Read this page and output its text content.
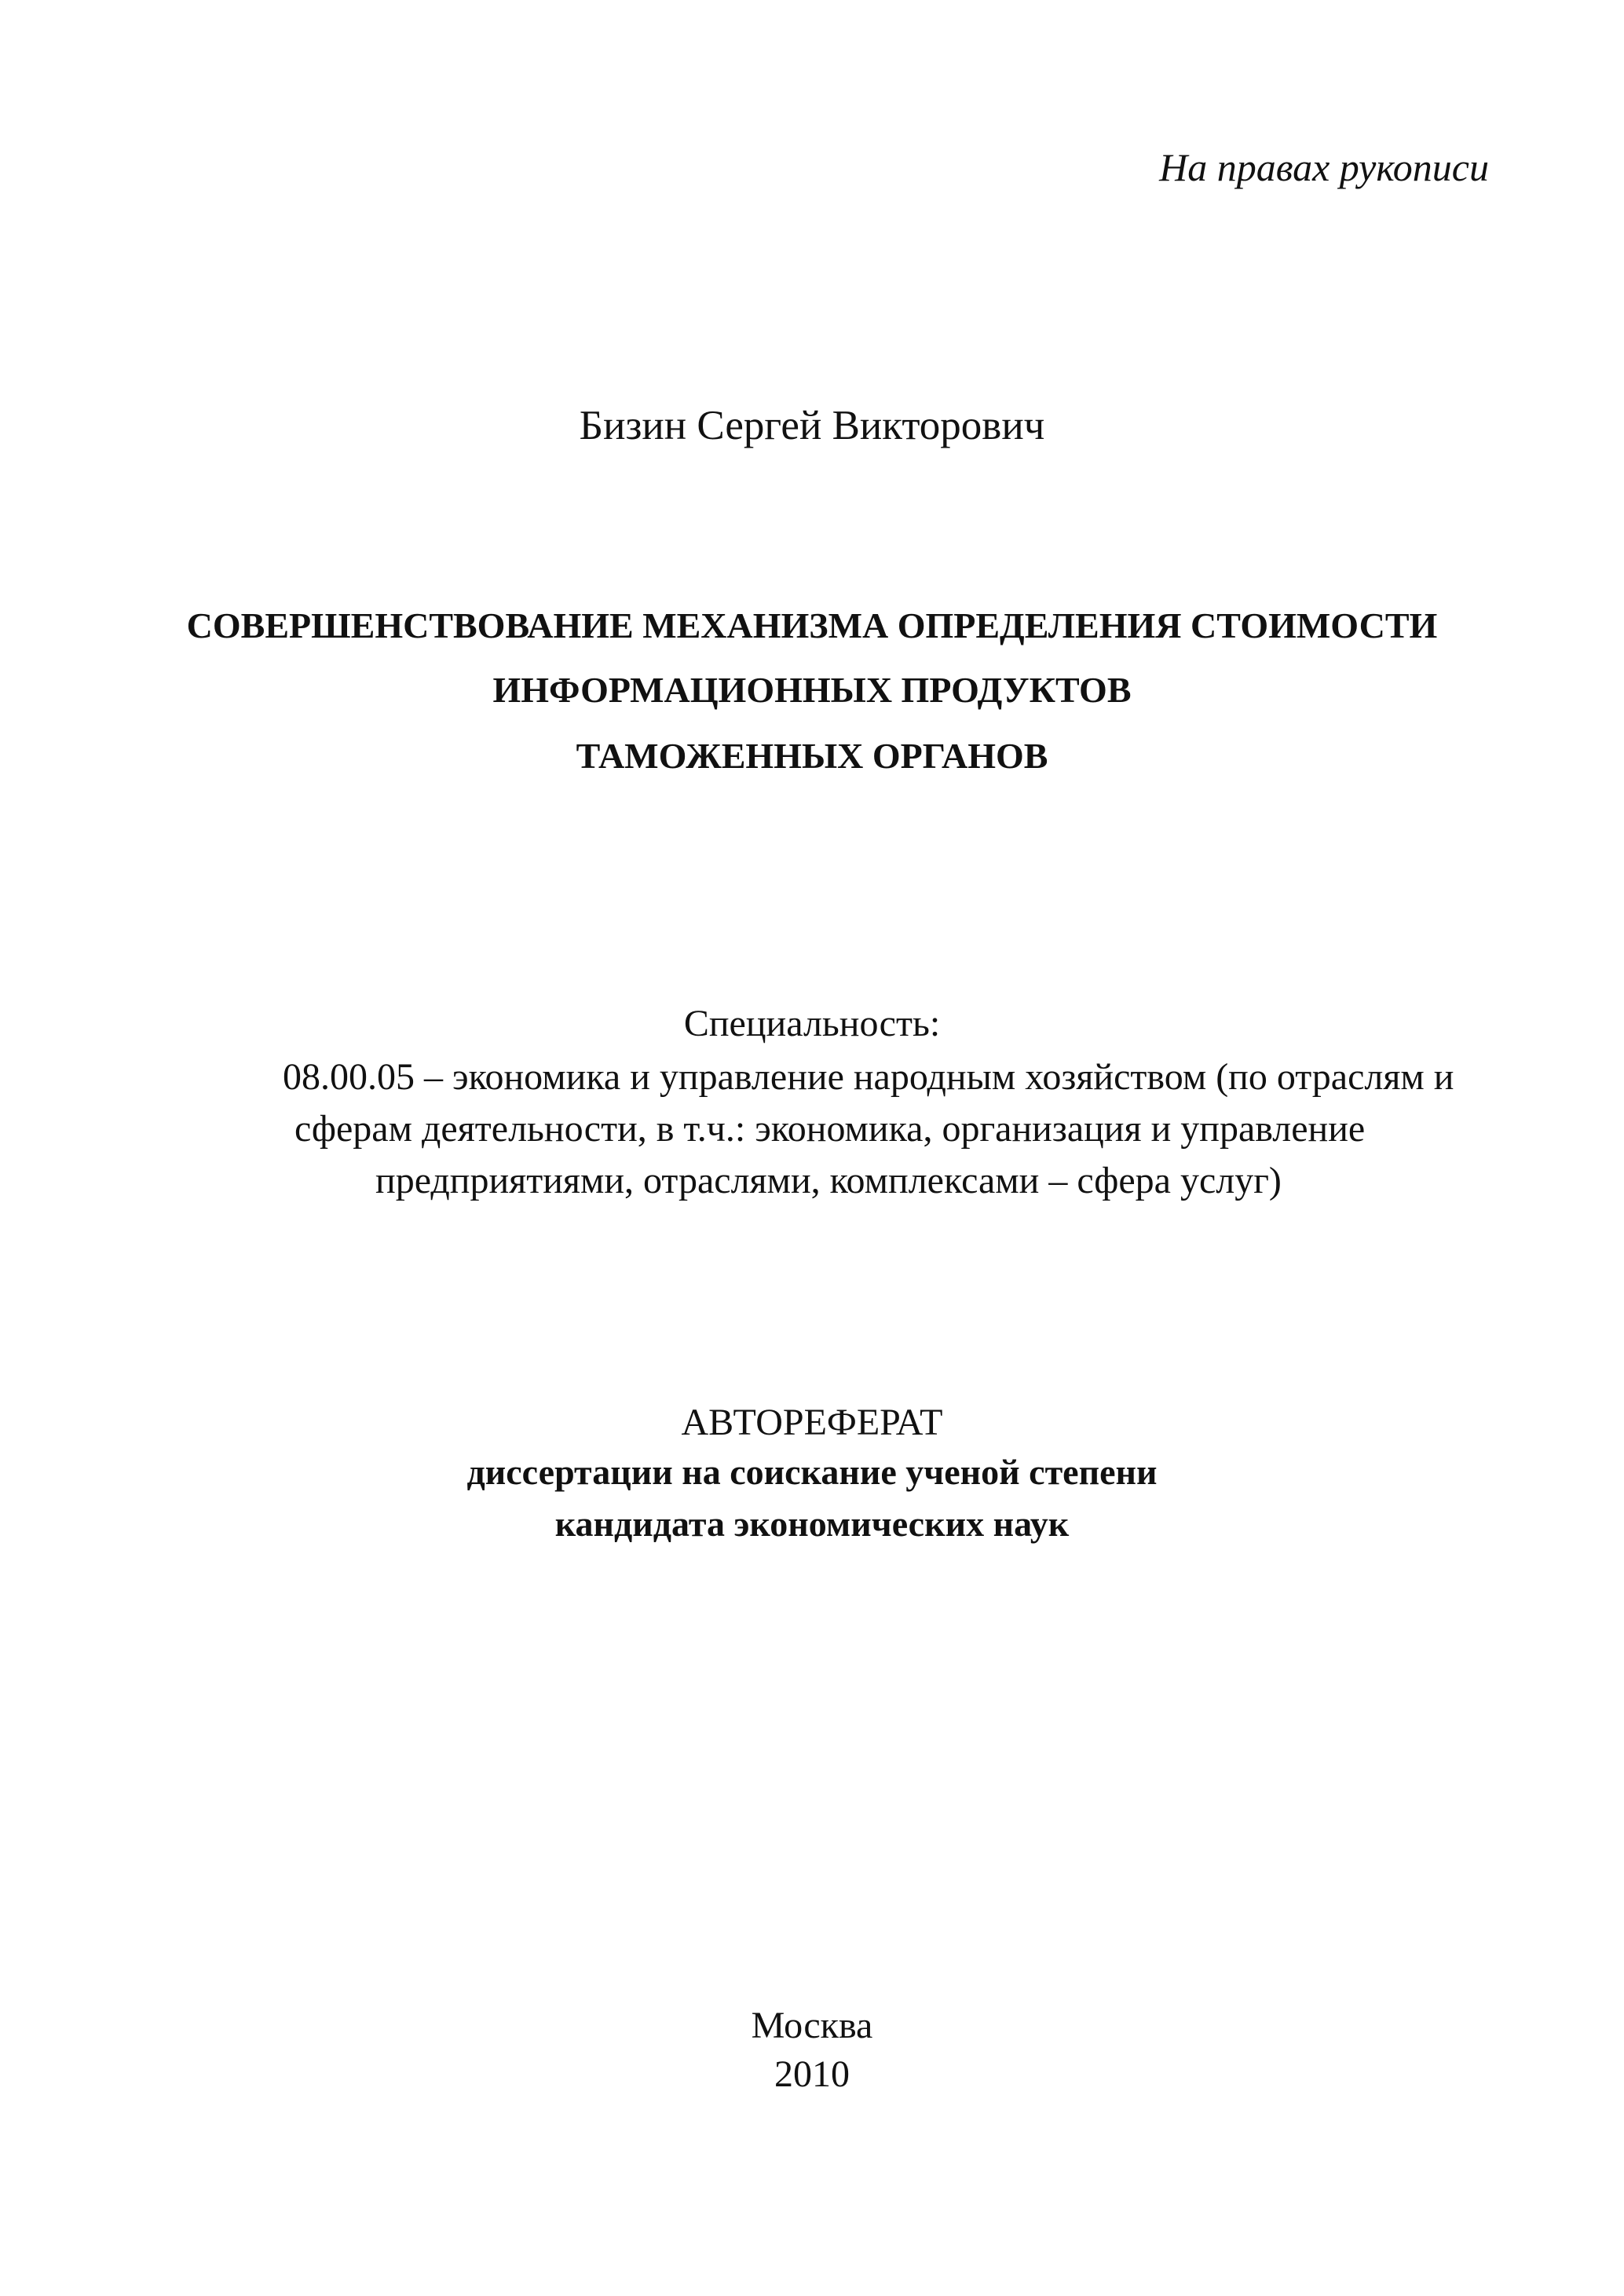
На правах рукописи
Бизин Сергей Викторович
СОВЕРШЕНСТВОВАНИЕ МЕХАНИЗМА ОПРЕДЕЛЕНИЯ СТОИМОСТИ
ИНФОРМАЦИОННЫХ ПРОДУКТОВ
ТАМОЖЕННЫХ ОРГАНОВ
Специальность:
08.00.05 – экономика и управление народным хозяйством (по отраслям и
сферам деятельности, в т.ч.: экономика, организация и управление
предприятиями, отраслями, комплексами – сфера услуг)
АВТОРЕФЕРАТ
диссертации на соискание ученой степени
кандидата экономических наук
Москва
2010
